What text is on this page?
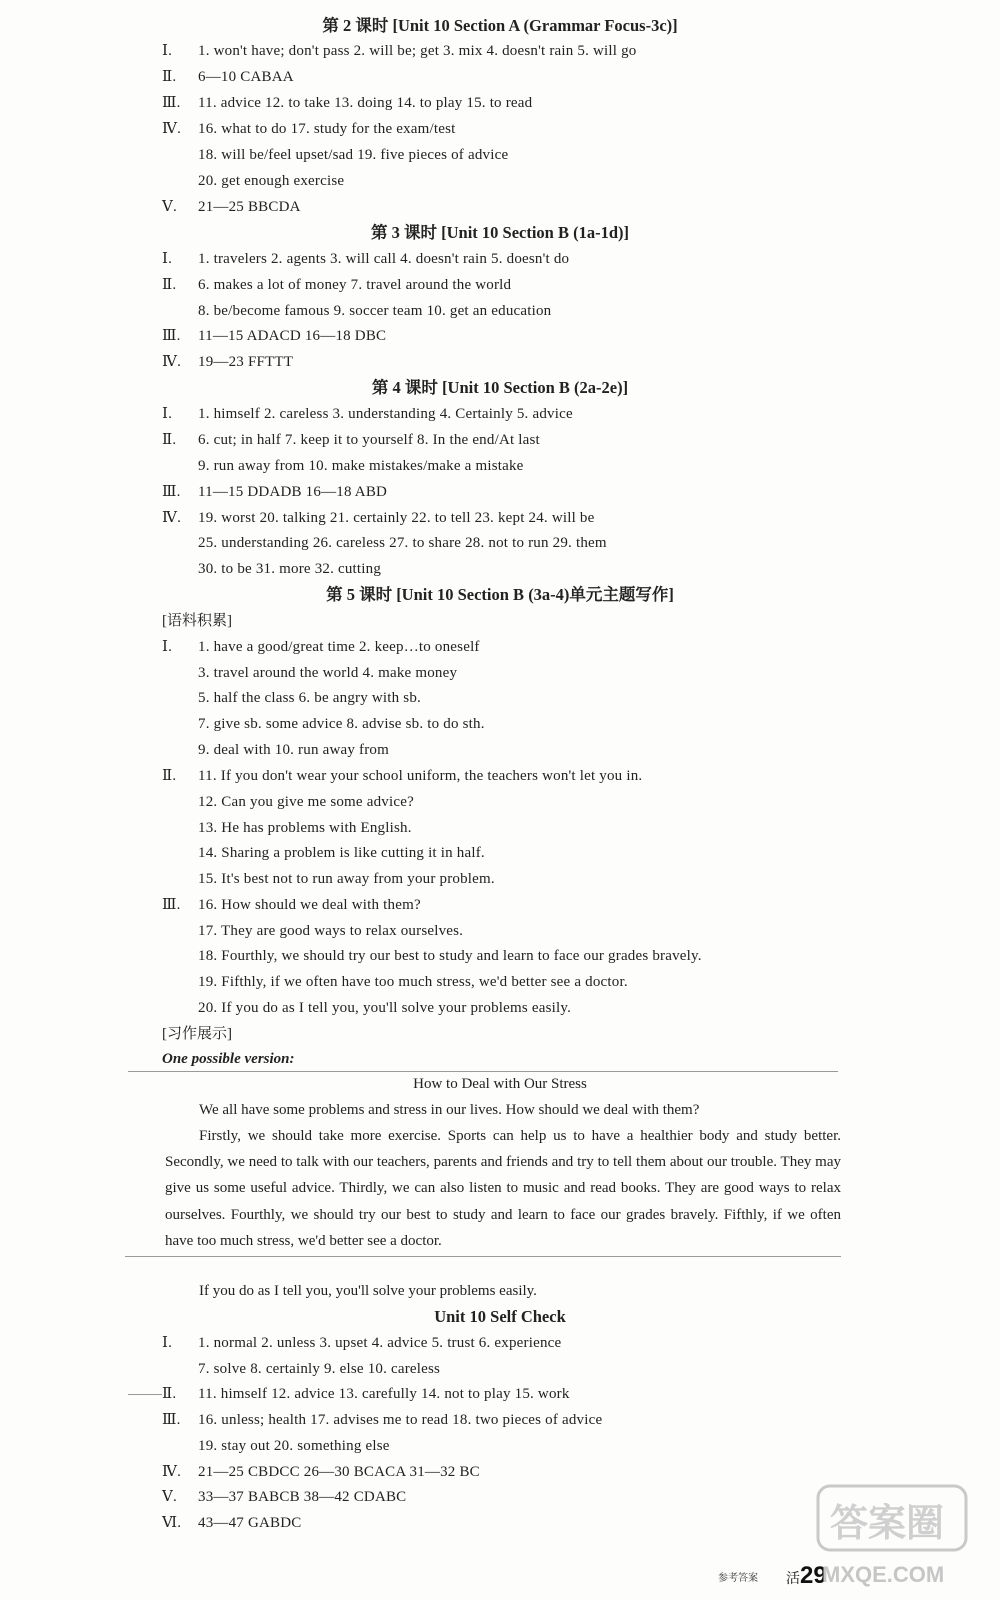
第 2 课时 [Unit 10 Section A (Grammar Focus-3c)]
Ⅰ. 1. won't have; don't pass 2. will be; get 3. mix 4. doesn't rain 5. will go
Ⅱ. 6—10 CABAA
Ⅲ. 11. advice 12. to take 13. doing 14. to play 15. to read
Ⅳ. 16. what to do 17. study for the exam/test
18. will be/feel upset/sad 19. five pieces of advice
20. get enough exercise
Ⅴ. 21—25 BBCDA
第 3 课时 [Unit 10 Section B (1a-1d)]
Ⅰ. 1. travelers 2. agents 3. will call 4. doesn't rain 5. doesn't do
Ⅱ. 6. makes a lot of money 7. travel around the world
8. be/become famous 9. soccer team 10. get an education
Ⅲ. 11—15 ADACD 16—18 DBC
Ⅳ. 19—23 FFTTT
第 4 课时 [Unit 10 Section B (2a-2e)]
Ⅰ. 1. himself 2. careless 3. understanding 4. Certainly 5. advice
Ⅱ. 6. cut; in half 7. keep it to yourself 8. In the end/At last
9. run away from 10. make mistakes/make a mistake
Ⅲ. 11—15 DDADB 16—18 ABD
Ⅳ. 19. worst 20. talking 21. certainly 22. to tell 23. kept 24. will be
25. understanding 26. careless 27. to share 28. not to run 29. them
30. to be 31. more 32. cutting
第 5 课时 [Unit 10 Section B (3a-4)单元主题写作]
[语料积累]
Ⅰ. 1. have a good/great time 2. keep…to oneself
3. travel around the world 4. make money
5. half the class 6. be angry with sb.
7. give sb. some advice 8. advise sb. to do sth.
9. deal with 10. run away from
Ⅱ. 11. If you don't wear your school uniform, the teachers won't let you in.
12. Can you give me some advice?
13. He has problems with English.
14. Sharing a problem is like cutting it in half.
15. It's best not to run away from your problem.
Ⅲ. 16. How should we deal with them?
17. They are good ways to relax ourselves.
18. Fourthly, we should try our best to study and learn to face our grades bravely.
19. Fifthly, if we often have too much stress, we'd better see a doctor.
20. If you do as I tell you, you'll solve your problems easily.
[习作展示]
One possible version:
How to Deal with Our Stress
We all have some problems and stress in our lives. How should we deal with them?
Firstly, we should take more exercise. Sports can help us to have a healthier body and study better. Secondly, we need to talk with our teachers, parents and friends and try to tell them about our trouble. They may give us some useful advice. Thirdly, we can also listen to music and read books. They are good ways to relax ourselves. Fourthly, we should try our best to study and learn to face our grades bravely. Fifthly, if we often have too much stress, we'd better see a doctor.
If you do as I tell you, you'll solve your problems easily.
Unit 10 Self Check
Ⅰ. 1. normal 2. unless 3. upset 4. advice 5. trust 6. experience
7. solve 8. certainly 9. else 10. careless
Ⅱ. 11. himself 12. advice 13. carefully 14. not to play 15. work
Ⅲ. 16. unless; health 17. advises me to read 18. two pieces of advice
19. stay out 20. something else
Ⅳ. 21—25 CBDCC 26—30 BCACA 31—32 BC
Ⅴ. 33—37 BABCB 38—42 CDABC
Ⅵ. 43—47 GABDC
参考答案 活29
答案圈
MXQE.COM
